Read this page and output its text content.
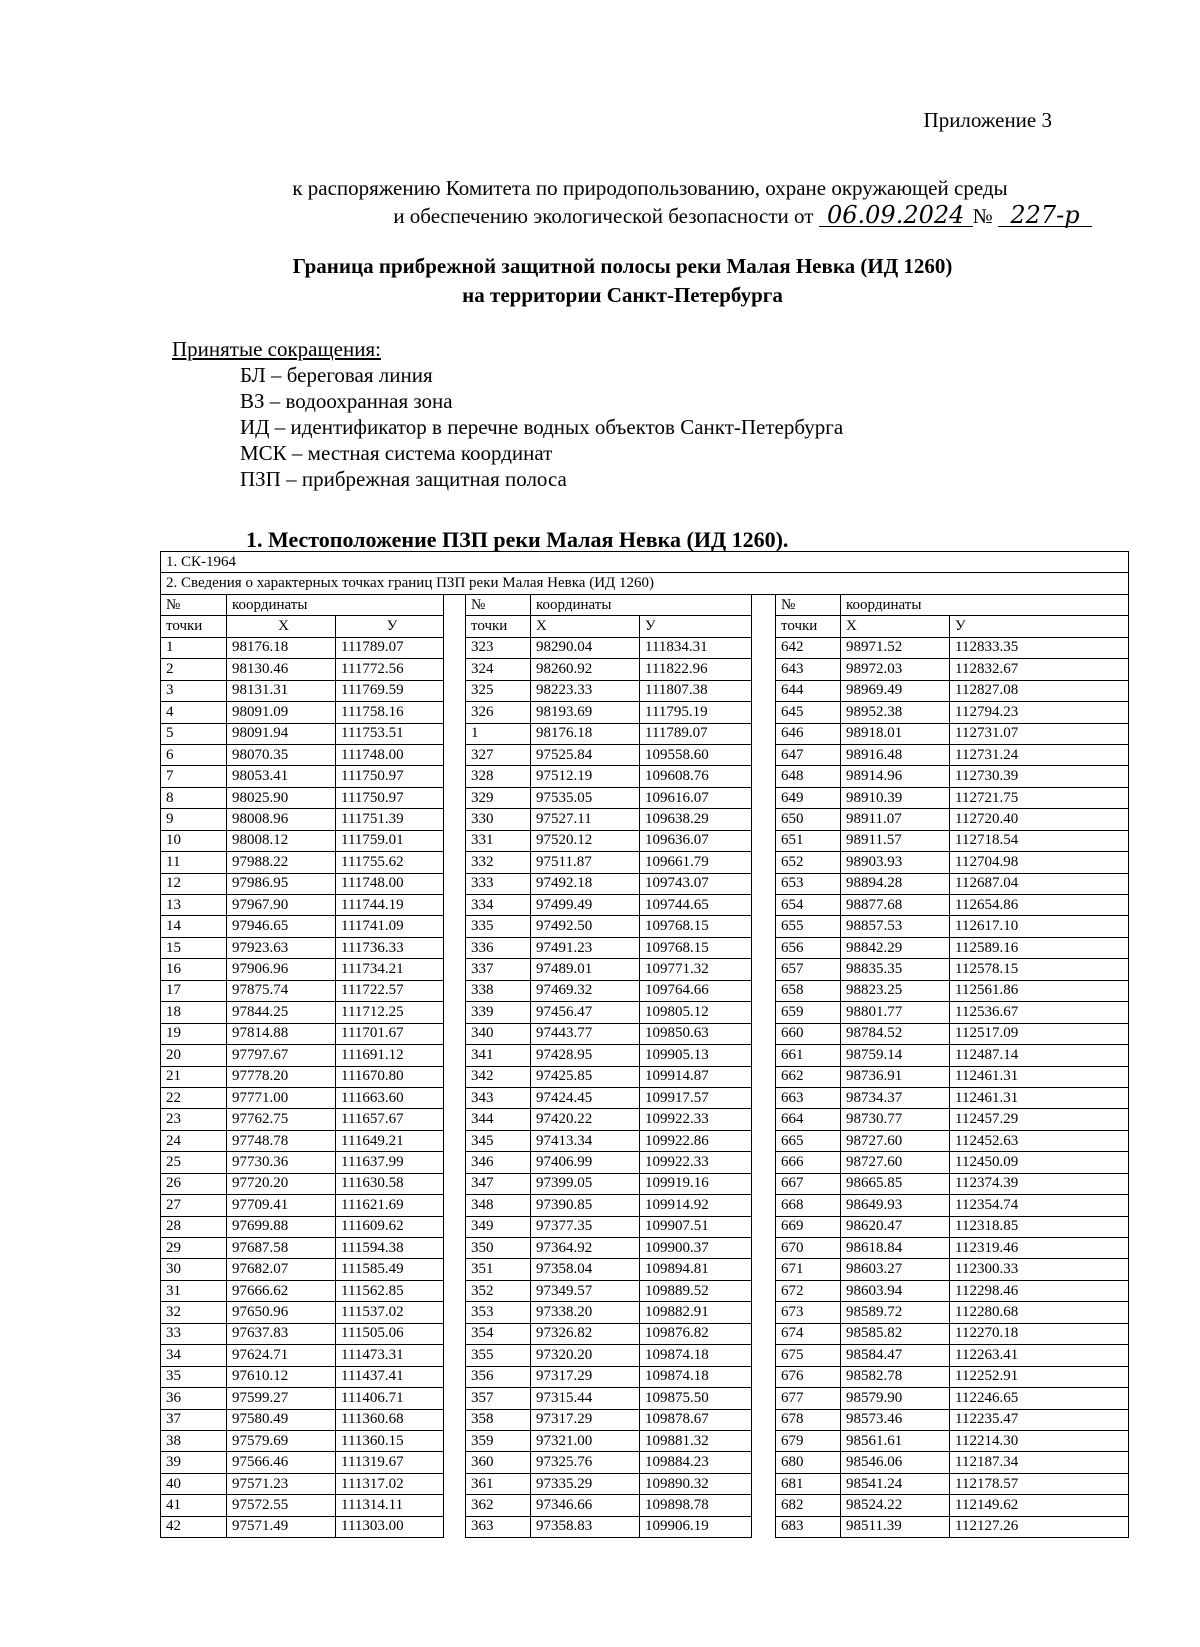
Приложение 3
к распоряжению Комитета по природопользованию, охране окружающей среды
и обеспечению экологической безопасности от 06.09.2024 № 227-р
Граница прибрежной защитной полосы реки Малая Невка (ИД 1260)
на территории Санкт-Петербурга
Принятые сокращения:
БЛ – береговая линия
ВЗ – водоохранная зона
ИД – идентификатор в перечне водных объектов Санкт-Петербурга
МСК – местная система координат
ПЗП – прибрежная защитная полоса
1. Местоположение ПЗП реки Малая Невка (ИД 1260).
1. СК-1964										
2. Сведения о характерных точках границ ПЗП реки Малая Невка (ИД 1260)										
№	координаты			№	координаты			№	координаты	
точки	Х	У		точки	Х	У		точки	Х	У
1	98176.18	111789.07		323	98290.04	111834.31		642	98971.52	112833.35
2	98130.46	111772.56		324	98260.92	111822.96		643	98972.03	112832.67
3	98131.31	111769.59		325	98223.33	111807.38		644	98969.49	112827.08
4	98091.09	111758.16		326	98193.69	111795.19		645	98952.38	112794.23
5	98091.94	111753.51		1	98176.18	111789.07		646	98918.01	112731.07
6	98070.35	111748.00		327	97525.84	109558.60		647	98916.48	112731.24
7	98053.41	111750.97		328	97512.19	109608.76		648	98914.96	112730.39
8	98025.90	111750.97		329	97535.05	109616.07		649	98910.39	112721.75
9	98008.96	111751.39		330	97527.11	109638.29		650	98911.07	112720.40
10	98008.12	111759.01		331	97520.12	109636.07		651	98911.57	112718.54
11	97988.22	111755.62		332	97511.87	109661.79		652	98903.93	112704.98
12	97986.95	111748.00		333	97492.18	109743.07		653	98894.28	112687.04
13	97967.90	111744.19		334	97499.49	109744.65		654	98877.68	112654.86
14	97946.65	111741.09		335	97492.50	109768.15		655	98857.53	112617.10
15	97923.63	111736.33		336	97491.23	109768.15		656	98842.29	112589.16
16	97906.96	111734.21		337	97489.01	109771.32		657	98835.35	112578.15
17	97875.74	111722.57		338	97469.32	109764.66		658	98823.25	112561.86
18	97844.25	111712.25		339	97456.47	109805.12		659	98801.77	112536.67
19	97814.88	111701.67		340	97443.77	109850.63		660	98784.52	112517.09
20	97797.67	111691.12		341	97428.95	109905.13		661	98759.14	112487.14
21	97778.20	111670.80		342	97425.85	109914.87		662	98736.91	112461.31
22	97771.00	111663.60		343	97424.45	109917.57		663	98734.37	112461.31
23	97762.75	111657.67		344	97420.22	109922.33		664	98730.77	112457.29
24	97748.78	111649.21		345	97413.34	109922.86		665	98727.60	112452.63
25	97730.36	111637.99		346	97406.99	109922.33		666	98727.60	112450.09
26	97720.20	111630.58		347	97399.05	109919.16		667	98665.85	112374.39
27	97709.41	111621.69		348	97390.85	109914.92		668	98649.93	112354.74
28	97699.88	111609.62		349	97377.35	109907.51		669	98620.47	112318.85
29	97687.58	111594.38		350	97364.92	109900.37		670	98618.84	112319.46
30	97682.07	111585.49		351	97358.04	109894.81		671	98603.27	112300.33
31	97666.62	111562.85		352	97349.57	109889.52		672	98603.94	112298.46
32	97650.96	111537.02		353	97338.20	109882.91		673	98589.72	112280.68
33	97637.83	111505.06		354	97326.82	109876.82		674	98585.82	112270.18
34	97624.71	111473.31		355	97320.20	109874.18		675	98584.47	112263.41
35	97610.12	111437.41		356	97317.29	109874.18		676	98582.78	112252.91
36	97599.27	111406.71		357	97315.44	109875.50		677	98579.90	112246.65
37	97580.49	111360.68		358	97317.29	109878.67		678	98573.46	112235.47
38	97579.69	111360.15		359	97321.00	109881.32		679	98561.61	112214.30
39	97566.46	111319.67		360	97325.76	109884.23		680	98546.06	112187.34
40	97571.23	111317.02		361	97335.29	109890.32		681	98541.24	112178.57
41	97572.55	111314.11		362	97346.66	109898.78		682	98524.22	112149.62
42	97571.49	111303.00		363	97358.83	109906.19		683	98511.39	112127.26
